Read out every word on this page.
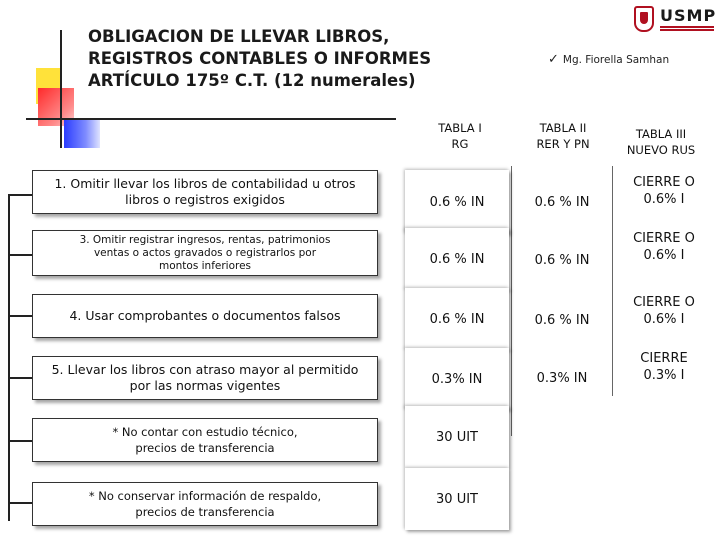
OBLIGACION DE LLEVAR LIBROS,
REGISTROS CONTABLES O INFORMES
ARTÍCULO 175º C.T. (12 numerales)
✓ Mg. Fiorella Samhan
USMP
TABLA I
RG
TABLA II
RER Y PN
TABLA III
NUEVO RUS
1. Omitir llevar los libros de contabilidad u otros
libros o registros exigidos
3. Omitir registrar ingresos, rentas, patrimonios
ventas o actos gravados o registrarlos por
montos inferiores
4. Usar comprobantes o documentos falsos
5. Llevar los libros con atraso mayor al permitido
por las normas vigentes
* No contar con estudio técnico,
precios de transferencia
* No conservar información de respaldo,
precios de transferencia
0.6 % IN
0.6 % IN
0.6 % IN
0.3% IN
30 UIT
30 UIT
0.6 % IN
0.6 % IN
0.6 % IN
0.3% IN
CIERRE O 0.6% I
CIERRE O 0.6% I
CIERRE O 0.6% I
CIERRE 0.3% I
